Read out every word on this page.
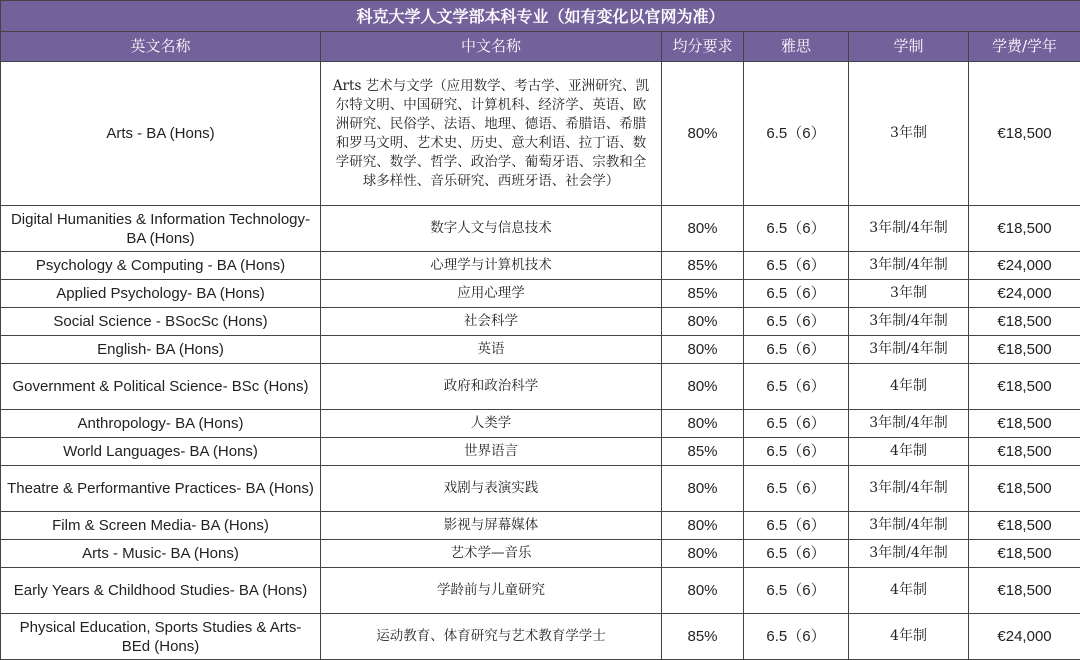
科克大学人文学部本科专业（如有变化以官网为准）					
英文名称	中文名称	均分要求	雅思	学制	学费/学年
Arts - BA (Hons)	Arts 艺术与文学（应用数学、考古学、亚洲研究、凯尔特文明、中国研究、计算机科、经济学、英语、欧洲研究、民俗学、法语、地理、德语、希腊语、希腊和罗马文明、艺术史、历史、意大利语、拉丁语、数学研究、数学、哲学、政治学、葡萄牙语、宗教和全球多样性、音乐研究、西班牙语、社会学）	80%	6.5（6）	3年制	€18,500
Digital Humanities & Information Technology- BA (Hons)	数字人文与信息技术	80%	6.5（6）	3年制/4年制	€18,500
Psychology & Computing - BA (Hons)	心理学与计算机技术	85%	6.5（6）	3年制/4年制	€24,000
Applied Psychology- BA (Hons)	应用心理学	85%	6.5（6）	3年制	€24,000
Social Science - BSocSc (Hons)	社会科学	80%	6.5（6）	3年制/4年制	€18,500
English- BA (Hons)	英语	80%	6.5（6）	3年制/4年制	€18,500
Government & Political Science- BSc (Hons)	政府和政治科学	80%	6.5（6）	4年制	€18,500
Anthropology- BA (Hons)	人类学	80%	6.5（6）	3年制/4年制	€18,500
World Languages- BA (Hons)	世界语言	85%	6.5（6）	4年制	€18,500
Theatre & Performantive Practices- BA (Hons)	戏剧与表演实践	80%	6.5（6）	3年制/4年制	€18,500
Film & Screen Media- BA (Hons)	影视与屏幕媒体	80%	6.5（6）	3年制/4年制	€18,500
Arts - Music- BA (Hons)	艺术学—音乐	80%	6.5（6）	3年制/4年制	€18,500
Early Years & Childhood Studies- BA (Hons)	学龄前与儿童研究	80%	6.5（6）	4年制	€18,500
Physical Education, Sports Studies & Arts- BEd (Hons)	运动教育、体育研究与艺术教育学学士	85%	6.5（6）	4年制	€24,000
